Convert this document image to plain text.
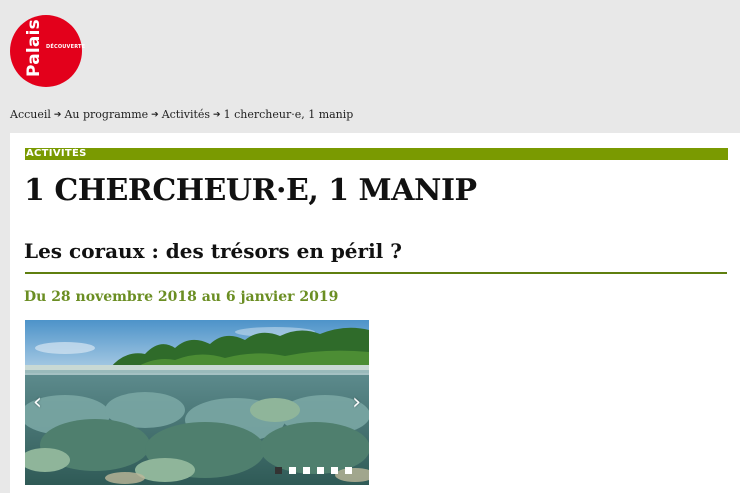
Palais DÉCOUVERTE
Accueil ➔ Au programme ➔ Activités ➔ 1 chercheur·e, 1 manip
ACTIVITÉS
1 CHERCHEUR·E, 1 MANIP
Les coraux : des trésors en péril ?

Du 28 novembre 2018 au 6 janvier 2019

‹	›
